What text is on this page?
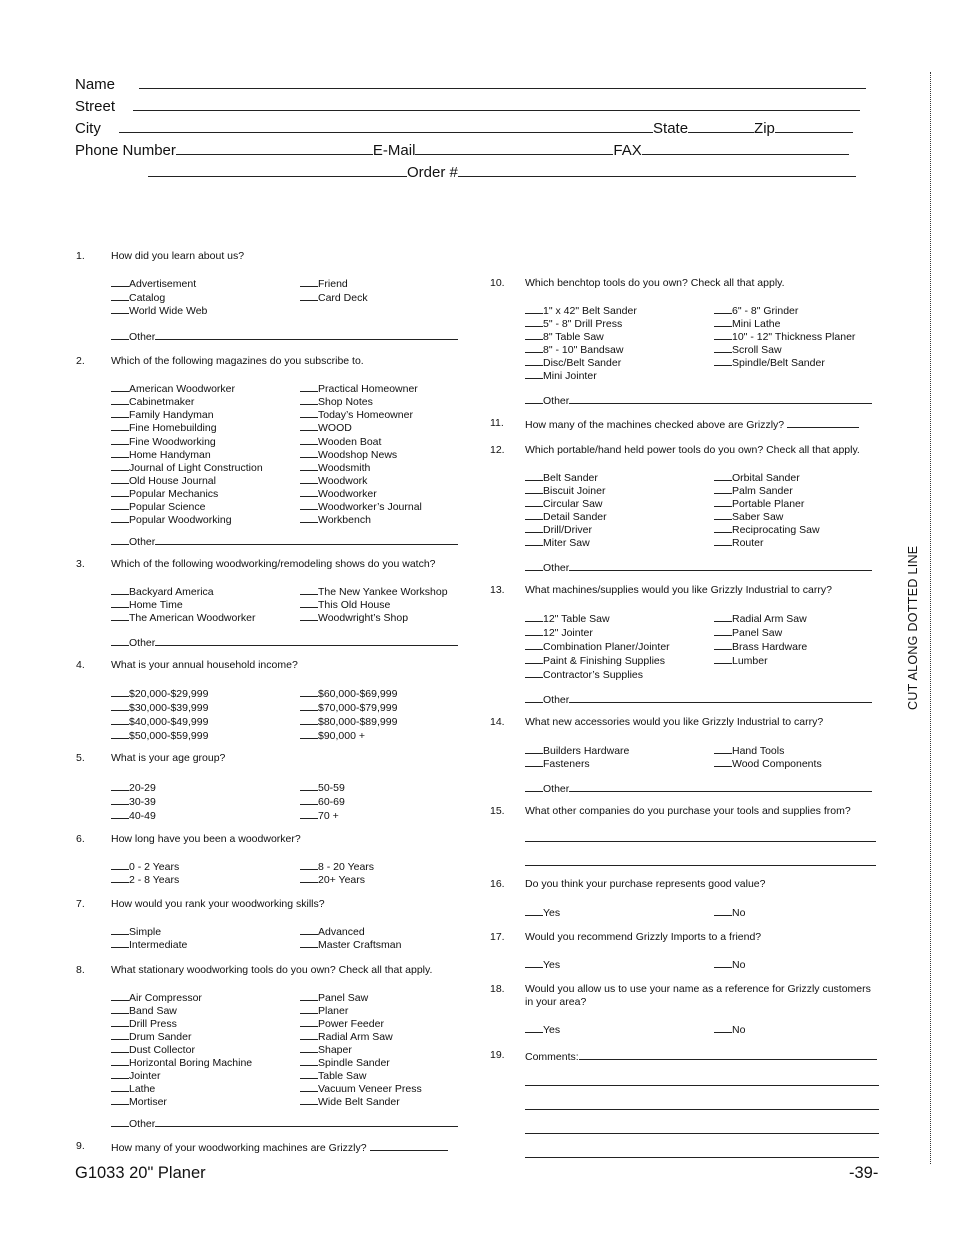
Name
Street
City	State	Zip
Phone Number	E-Mail	FAX
Order #
1. How did you learn about us?
Advertisement
Catalog
World Wide Web
Friend
Card Deck
Other
2. Which of the following magazines do you subscribe to.
American Woodworker
Cabinetmaker
Family Handyman
Fine Homebuilding
Fine Woodworking
Home Handyman
Journal of Light Construction
Old House Journal
Popular Mechanics
Popular Science
Popular Woodworking
Practical Homeowner
Shop Notes
Today’s Homeowner
WOOD
Wooden Boat
Woodshop News
Woodsmith
Woodwork
Woodworker
Woodworker’s Journal
Workbench
Other
3. Which of the following woodworking/remodeling shows do you watch?
Backyard America
Home Time
The American Woodworker
The New Yankee Workshop
This Old House
Woodwright’s Shop
Other
4. What is your annual household income?
$20,000-$29,999
$30,000-$39,999
$40,000-$49,999
$50,000-$59,999
$60,000-$69,999
$70,000-$79,999
$80,000-$89,999
$90,000 +
5. What is your age group?
20-29
30-39
40-49
50-59
60-69
70 +
6. How long have you been a woodworker?
0 - 2 Years
2 - 8 Years
8 - 20 Years
20+ Years
7. How would you rank your woodworking skills?
Simple
Intermediate
Advanced
Master Craftsman
8. What stationary woodworking tools do you own? Check all that apply.
Air Compressor
Band Saw
Drill Press
Drum Sander
Dust Collector
Horizontal Boring Machine
Jointer
Lathe
Mortiser
Panel Saw
Planer
Power Feeder
Radial Arm Saw
Shaper
Spindle Sander
Table Saw
Vacuum Veneer Press
Wide Belt Sander
Other
9. How many of your woodworking machines are Grizzly?
10. Which benchtop tools do you own? Check all that apply.
1" x 42" Belt Sander
5" - 8" Drill Press
8" Table Saw
8" - 10" Bandsaw
Disc/Belt Sander
Mini Jointer
6" - 8" Grinder
Mini Lathe
10" - 12" Thickness Planer
Scroll Saw
Spindle/Belt Sander
Other
11. How many of the machines checked above are Grizzly?
12. Which portable/hand held power tools do you own? Check all that apply.
Belt Sander
Biscuit Joiner
Circular Saw
Detail Sander
Drill/Driver
Miter Saw
Orbital Sander
Palm Sander
Portable Planer
Saber Saw
Reciprocating Saw
Router
Other
13. What machines/supplies would you like Grizzly Industrial to carry?
12" Table Saw
12" Jointer
Combination Planer/Jointer
Paint & Finishing Supplies
Contractor’s Supplies
Radial Arm Saw
Panel Saw
Brass Hardware
Lumber
Other
14. What new accessories would you like Grizzly Industrial to carry?
Builders Hardware
Fasteners
Hand Tools
Wood Components
Other
15. What other companies do you purchase your tools and supplies from?
16. Do you think your purchase represents good value?
Yes	No
17. Would you recommend Grizzly Imports to a friend?
Yes	No
18. Would you allow us to use your name as a reference for Grizzly customers
in your area?
Yes	No
19. Comments:
CUT ALONG DOTTED LINE
G1033 20" Planer	-39-
